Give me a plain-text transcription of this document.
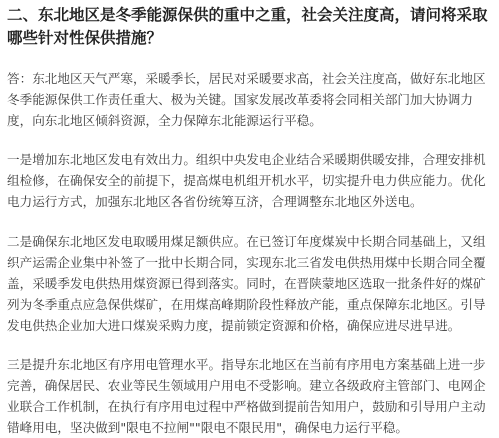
二、东北地区是冬季能源保供的重中之重，社会关注度高，请问将采取哪些针对性保供措施？
答：东北地区天气严寒，采暖季长，居民对采暖要求高，社会关注度高，做好东北地区冬季能源保供工作责任重大、极为关键。国家发展改革委将会同相关部门加大协调力度，向东北地区倾斜资源，全力保障东北能源运行平稳。
一是增加东北地区发电有效出力。组织中央发电企业结合采暖期供暖安排，合理安排机组检修，在确保安全的前提下，提高煤电机组开机水平，切实提升电力供应能力。优化电力运行方式，加强东北地区各省份统筹互济，合理调整东北地区外送电。
二是确保东北地区发电取暖用煤足额供应。在已签订年度煤炭中长期合同基础上，又组织产运需企业集中补签了一批中长期合同，实现东北三省发电供热用煤中长期合同全覆盖，采暖季发电供热用煤资源已得到落实。同时，在晋陕蒙地区选取一批条件好的煤矿列为冬季重点应急保供煤矿，在用煤高峰期阶段性释放产能，重点保障东北地区。引导发电供热企业加大进口煤炭采购力度，提前锁定资源和价格，确保应进尽进早进。
三是提升东北地区有序用电管理水平。指导东北地区在当前有序用电方案基础上进一步完善，确保居民、农业等民生领域用户用电不受影响。建立各级政府主管部门、电网企业联合工作机制，在执行有序用电过程中严格做到提前告知用户，鼓励和引导用户主动错峰用电，坚决做到"限电不拉闸""限电不限民用"，确保电力运行平稳。
